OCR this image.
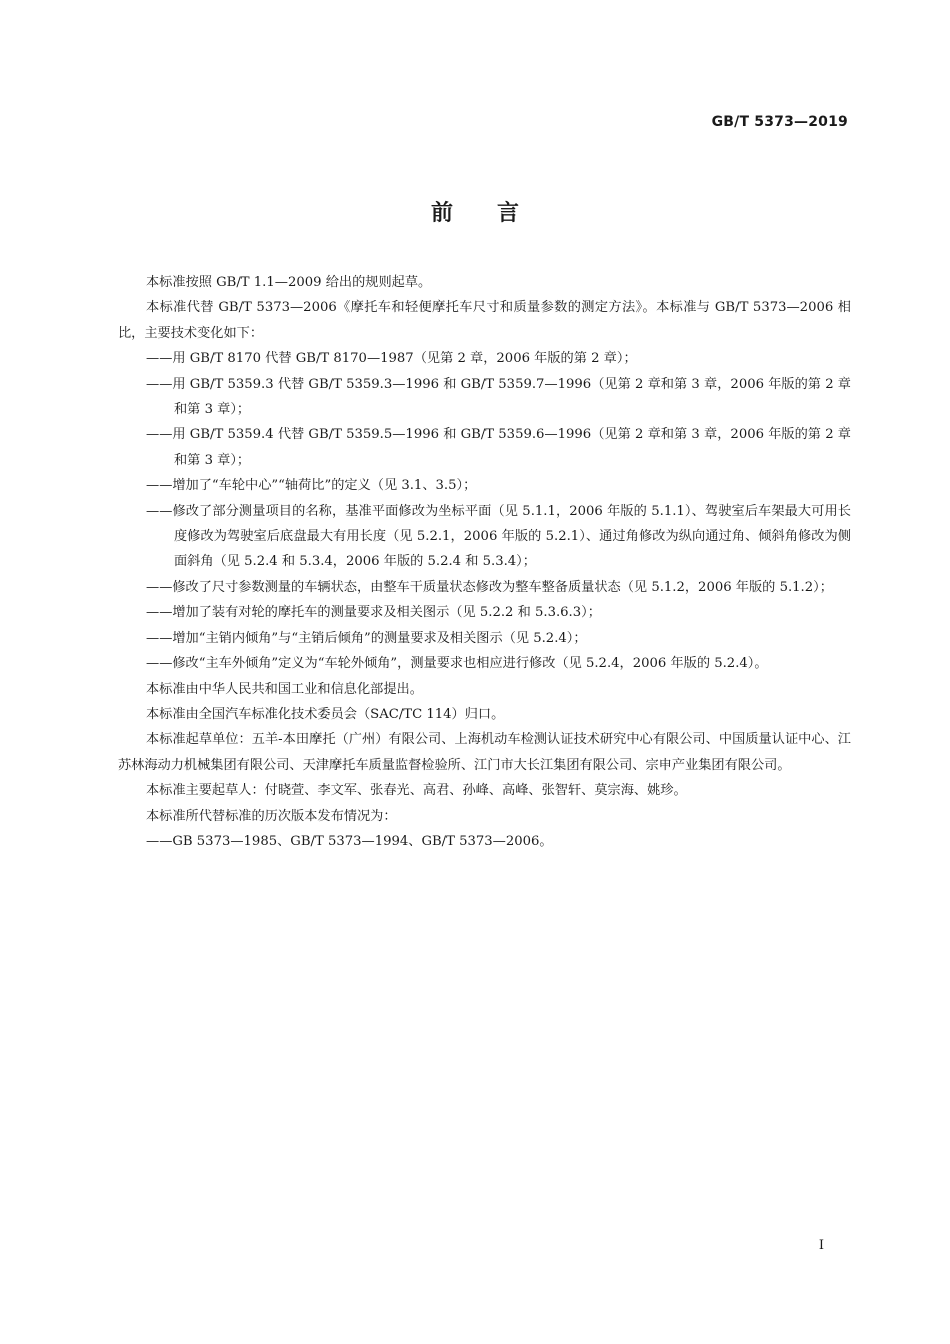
GB/T 5373—2019
前言

本标准按照 GB/T 1.1—2009 给出的规则起草。

本标准代替 GB/T 5373—2006《摩托车和轻便摩托车尺寸和质量参数的测定方法》。本标准与 GB/T 5373—2006 相比，主要技术变化如下：

——用 GB/T 8170 代替 GB/T 8170—1987（见第 2 章，2006 年版的第 2 章）；

——用 GB/T 5359.3 代替 GB/T 5359.3—1996 和 GB/T 5359.7—1996（见第 2 章和第 3 章，2006 年版的第 2 章和第 3 章）；

——用 GB/T 5359.4 代替 GB/T 5359.5—1996 和 GB/T 5359.6—1996（见第 2 章和第 3 章，2006 年版的第 2 章和第 3 章）；

——增加了“车轮中心”“轴荷比”的定义（见 3.1、3.5）；

——修改了部分测量项目的名称，基准平面修改为坐标平面（见 5.1.1，2006 年版的 5.1.1）、驾驶室后车架最大可用长度修改为驾驶室后底盘最大有用长度（见 5.2.1，2006 年版的 5.2.1）、通过角修改为纵向通过角、倾斜角修改为侧面斜角（见 5.2.4 和 5.3.4，2006 年版的 5.2.4 和 5.3.4）；

——修改了尺寸参数测量的车辆状态，由整车干质量状态修改为整车整备质量状态（见 5.1.2，2006 年版的 5.1.2）；

——增加了装有对轮的摩托车的测量要求及相关图示（见 5.2.2 和 5.3.6.3）；

——增加“主销内倾角”与“主销后倾角”的测量要求及相关图示（见 5.2.4）；

——修改“主车外倾角”定义为“车轮外倾角”，测量要求也相应进行修改（见 5.2.4，2006 年版的 5.2.4）。

本标准由中华人民共和国工业和信息化部提出。

本标准由全国汽车标准化技术委员会（SAC/TC 114）归口。

本标准起草单位：五羊-本田摩托（广州）有限公司、上海机动车检测认证技术研究中心有限公司、中国质量认证中心、江苏林海动力机械集团有限公司、天津摩托车质量监督检验所、江门市大长江集团有限公司、宗申产业集团有限公司。

本标准主要起草人：付晓萱、李文军、张春光、高君、孙峰、高峰、张智轩、莫宗海、姚珍。

本标准所代替标准的历次版本发布情况为：

——GB 5373—1985、GB/T 5373—1994、GB/T 5373—2006。

I
